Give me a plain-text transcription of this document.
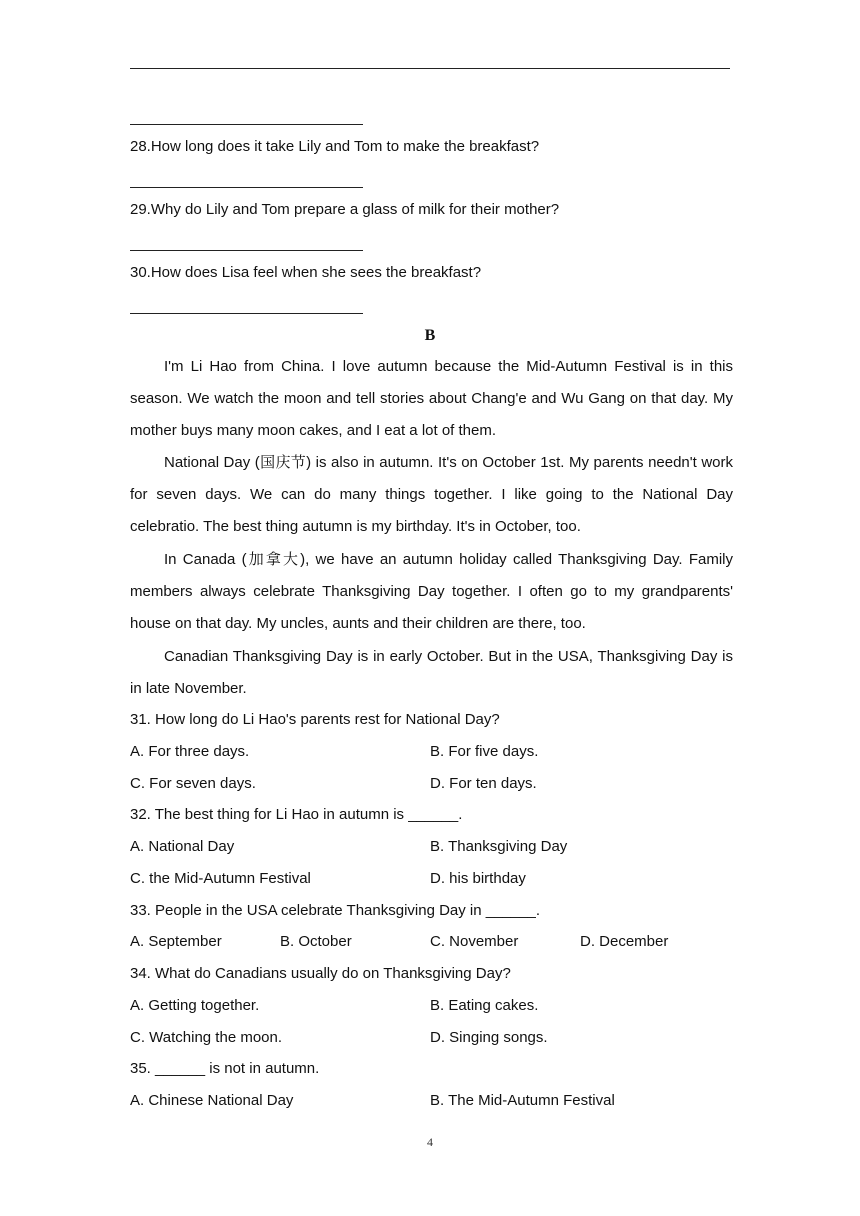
28.How long does it take Lily and Tom to make the breakfast?
29.Why do Lily and Tom prepare a glass of milk for their mother?
30.How does Lisa feel when she sees the breakfast?
B
I'm Li Hao from China. I love autumn because the Mid-Autumn Festival is in this season. We watch the moon and tell stories about Chang'e and Wu Gang on that day. My mother buys many moon cakes, and I eat a lot of them.
National Day (国庆节) is also in autumn. It's on October 1st. My parents needn't work for seven days. We can do many things together. I like going to the National Day celebratio. The best thing autumn is my birthday. It's in October, too.
In Canada (加拿大), we have an autumn holiday called Thanksgiving Day. Family members always celebrate Thanksgiving Day together. I often go to my grandparents' house on that day. My uncles, aunts and their children are there, too.
Canadian Thanksgiving Day is in early October. But in the USA, Thanksgiving Day is in late November.
31. How long do Li Hao's parents rest for National Day?
A. For three days.	B. For five days.
C. For seven days.	D. For ten days.
32. The best thing for Li Hao in autumn is ______.
A. National Day	B. Thanksgiving Day
C. the Mid-Autumn Festival	D. his birthday
33. People in the USA celebrate Thanksgiving Day in ______.
A. September	B. October	C. November	D. December
34. What do Canadians usually do on Thanksgiving Day?
A. Getting together.	B. Eating cakes.
C. Watching the moon.	D. Singing songs.
35. ______ is not in autumn.
A. Chinese National Day	B. The Mid-Autumn Festival
4
